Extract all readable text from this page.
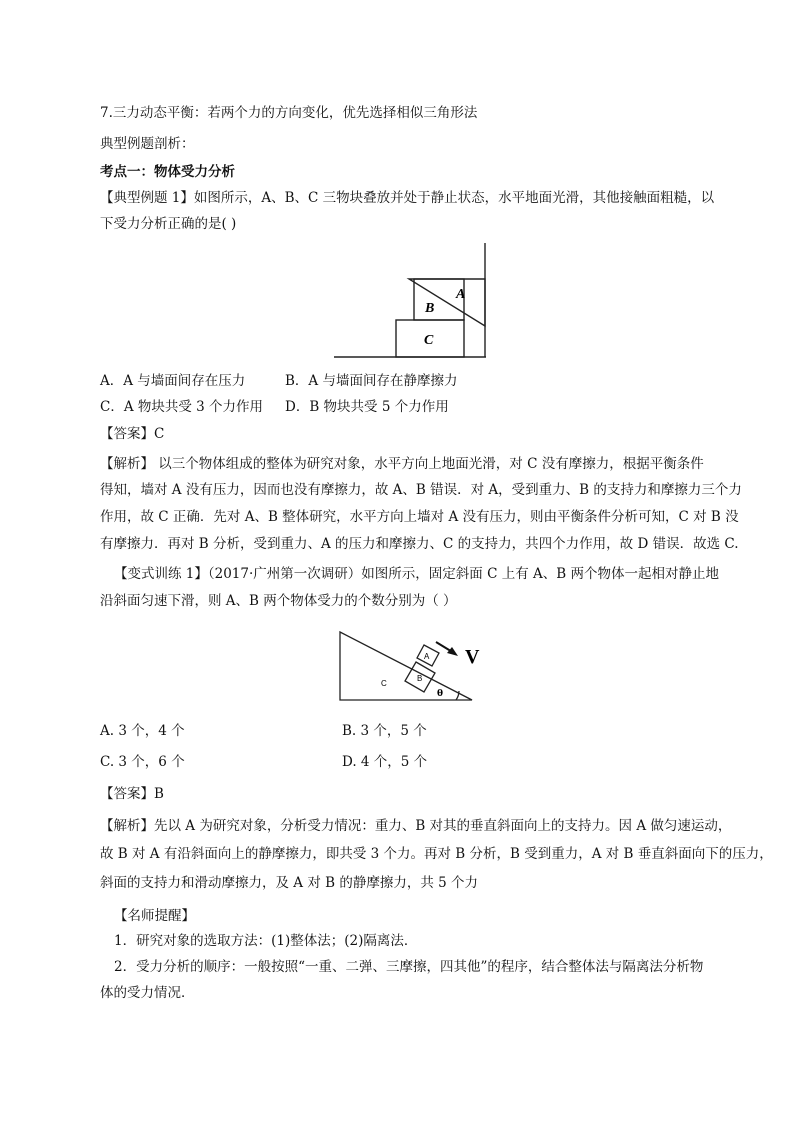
7.三力动态平衡：若两个力的方向变化，优先选择相似三角形法
典型例题剖析：
考点一：物体受力分析
【典型例题 1】如图所示，A、B、C 三物块叠放并处于静止状态，水平地面光滑，其他接触面粗糙，以
下受力分析正确的是( )
A
B
C
A．A 与墙面间存在压力	B．A 与墙面间存在静摩擦力
C．A 物块共受 3 个力作用 D．B 物块共受 5 个力作用
【答案】C
【解析】 以三个物体组成的整体为研究对象，水平方向上地面光滑，对 C 没有摩擦力，根据平衡条件
得知，墙对 A 没有压力，因而也没有摩擦力，故 A、B 错误．对 A，受到重力、B 的支持力和摩擦力三个力
作用，故 C 正确．先对 A、B 整体研究，水平方向上墙对 A 没有压力，则由平衡条件分析可知，C 对 B 没
有摩擦力．再对 B 分析，受到重力、A 的压力和摩擦力、C 的支持力，共四个力作用，故 D 错误．故选 C.
【变式训练 1】（2017·广州第一次调研）如图所示，固定斜面 C 上有 A、B 两个物体一起相对静止地
沿斜面匀速下滑，则 A、B 两个物体受力的个数分别为（ ）
A
B
C
θ
V
A. 3 个，4 个	B. 3 个，5 个
C. 3 个，6 个	D. 4 个，5 个
【答案】B
【解析】先以 A 为研究对象，分析受力情况：重力、B 对其的垂直斜面向上的支持力。因 A 做匀速运动，
故 B 对 A 有沿斜面向上的静摩擦力，即共受 3 个力。再对 B 分析，B 受到重力，A 对 B 垂直斜面向下的压力，
斜面的支持力和滑动摩擦力，及 A 对 B 的静摩擦力，共 5 个力
【名师提醒】
1．研究对象的选取方法：(1)整体法；(2)隔离法．
2．受力分析的顺序：一般按照“一重、二弹、三摩擦，四其他”的程序，结合整体法与隔离法分析物
体的受力情况．
